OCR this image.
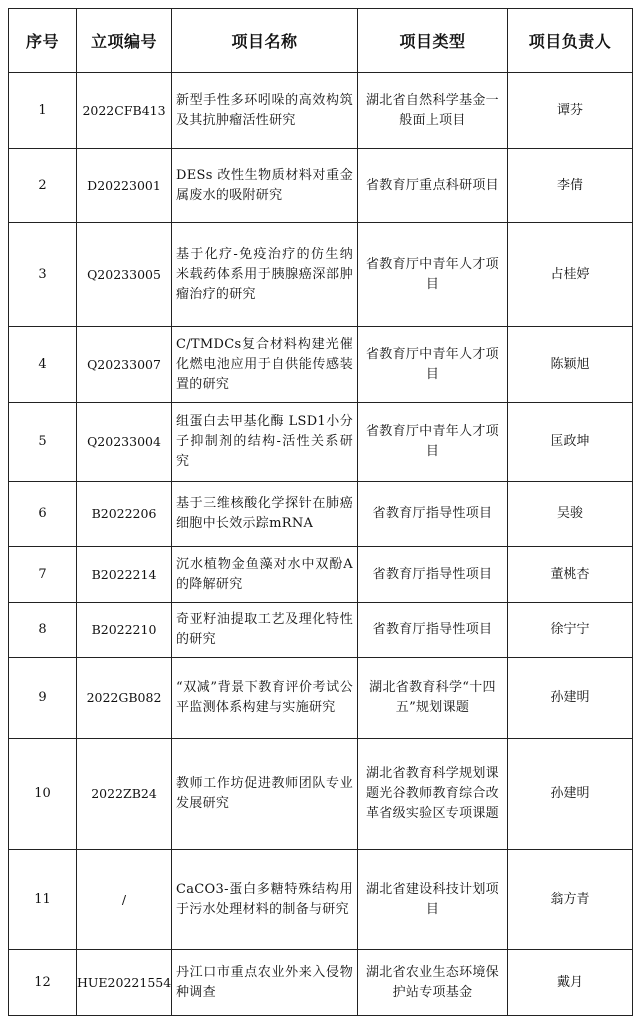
序号	立项编号	项目名称	项目类型	项目负责人
1	2022CFB413	新型手性多环吲哚的高效构筑及其抗肿瘤活性研究	湖北省自然科学基金一般面上项目	谭芬
2	D20223001	DESs 改性生物质材料对重金属废水的吸附研究	省教育厅重点科研项目	李倩
3	Q20233005	基于化疗-免疫治疗的仿生纳米载药体系用于胰腺癌深部肿瘤治疗的研究	省教育厅中青年人才项目	占桂婷
4	Q20233007	C/TMDCs复合材料构建光催化燃电池应用于自供能传感装置的研究	省教育厅中青年人才项目	陈颖旭
5	Q20233004	组蛋白去甲基化酶 LSD1小分子抑制剂的结构-活性关系研究	省教育厅中青年人才项目	匡政坤
6	B2022206	基于三维核酸化学探针在肺癌细胞中长效示踪mRNA	省教育厅指导性项目	吴骏
7	B2022214	沉水植物金鱼藻对水中双酚A的降解研究	省教育厅指导性项目	董桃杏
8	B2022210	奇亚籽油提取工艺及理化特性的研究	省教育厅指导性项目	徐宁宁
9	2022GB082	“双减”背景下教育评价考试公平监测体系构建与实施研究	湖北省教育科学“十四五”规划课题	孙建明
10	2022ZB24	教师工作坊促进教师团队专业发展研究	湖北省教育科学规划课题光谷教师教育综合改革省级实验区专项课题	孙建明
11	/	CaCO3-蛋白多糖特殊结构用于污水处理材料的制备与研究	湖北省建设科技计划项目	翁方青
12	HUE20221554	丹江口市重点农业外来入侵物种调查	湖北省农业生态环境保护站专项基金	戴月
